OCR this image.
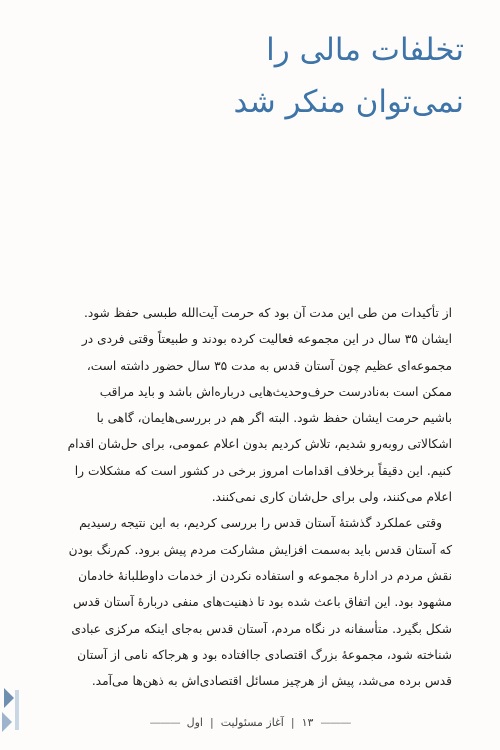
تخلفات مالی را
نمی‌توان منکر شد

از تأکیدات من طی این مدت آن بود که حرمت آیت‌الله طبسی حفظ شود.

ایشان ۳۵ سال در این مجموعه فعالیت کرده بودند و طبیعتاً وقتی فردی در

مجموعه‌ای عظیم چون آستان قدس به مدت ۳۵ سال حضور داشته است،

ممکن است به‌نادرست حرف‌وحدیث‌هایی درباره‌اش باشد و باید مراقب

باشیم حرمت ایشان حفظ شود. البته اگر هم در بررسی‌هایمان، گاهی با

اشکالاتی روبه‌رو شدیم، تلاش کردیم بدون اعلام عمومی، برای حل‌شان اقدام

کنیم. این دقیقاً برخلاف اقدامات امروز برخی در کشور است که مشکلات را

اعلام می‌کنند، ولی برای حل‌شان کاری نمی‌کنند.

وقتی عملکرد گذشتهٔ آستان قدس را بررسی کردیم، به این نتیجه رسیدیم

که آستان قدس باید به‌سمت افزایش مشارکت مردم پیش برود. کم‌رنگ بودن

نقش مردم در ادارهٔ مجموعه و استفاده نکردن از خدمات داوطلبانهٔ خادمان

مشهود بود. این اتفاق باعث شده بود تا ذهنیت‌های منفی دربارهٔ آستان قدس

شکل بگیرد. متأسفانه در نگاه مردم، آستان قدس به‌جای اینکه مرکزی عبادی

شناخته شود، مجموعهٔ بزرگ اقتصادی جاافتاده بود و هرجاکه نامی از آستان

قدس برده می‌شد، پیش از هرچیز مسائل اقتصادی‌اش به ذهن‌ها می‌آمد.

———
۱۳
|
آغاز مسئولیت
|
اول
———
